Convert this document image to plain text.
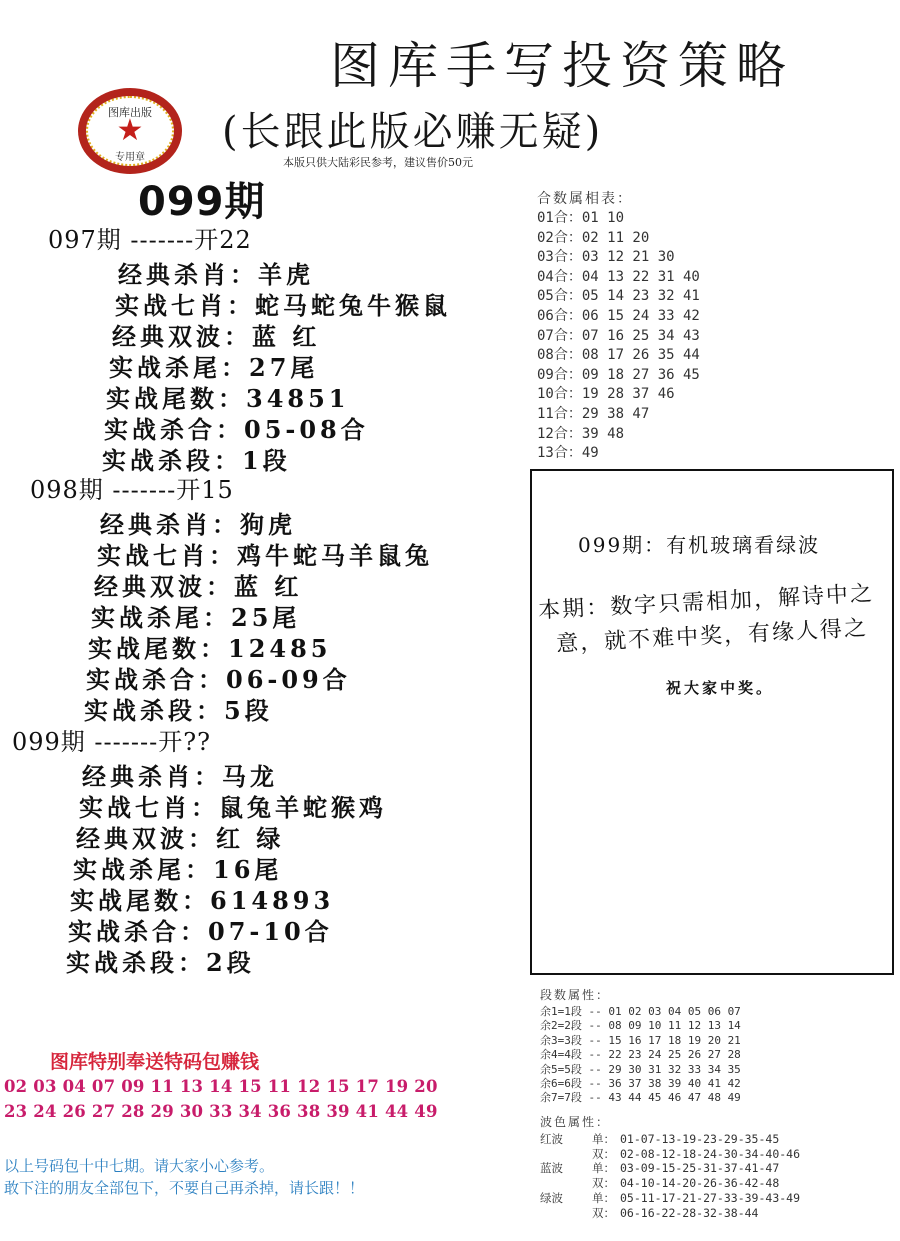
图库手写投资策略
(长跟此版必赚无疑)
本版只供大陆彩民参考，建议售价50元
图库出版
★
专用章
099期
097期 -------开22
经典杀肖：羊虎
实战七肖：蛇马蛇兔牛猴鼠
经典双波：蓝 红
实战杀尾：27尾
实战尾数：34851
实战杀合：05-08合
实战杀段：1段
098期 -------开15
经典杀肖：狗虎
实战七肖：鸡牛蛇马羊鼠兔
经典双波：蓝 红
实战杀尾：25尾
实战尾数：12485
实战杀合：06-09合
实战杀段：5段
099期 -------开??
经典杀肖：马龙
实战七肖：鼠兔羊蛇猴鸡
经典双波：红 绿
实战杀尾：16尾
实战尾数：614893
实战杀合：07-10合
实战杀段：2段
合数属相表：
01合：01 10
02合：02 11 20
03合：03 12 21 30
04合：04 13 22 31 40
05合：05 14 23 32 41
06合：06 15 24 33 42
07合：07 16 25 34 43
08合：08 17 26 35 44
09合：09 18 27 36 45
10合：19 28 37 46
11合：29 38 47
12合：39 48
13合：49
099期：有机玻璃看绿波
本期：数字只需相加，解诗中之
意，就不难中奖，有缘人得之
祝大家中奖。
段数属性：
余1=1段 -- 01 02 03 04 05 06 07
余2=2段 -- 08 09 10 11 12 13 14
余3=3段 -- 15 16 17 18 19 20 21
余4=4段 -- 22 23 24 25 26 27 28
余5=5段 -- 29 30 31 32 33 34 35
余6=6段 -- 36 37 38 39 40 41 42
余7=7段 -- 43 44 45 46 47 48 49
波色属性：
红波	单： 01-07-13-19-23-29-35-45
双： 02-08-12-18-24-30-34-40-46
蓝波	单： 03-09-15-25-31-37-41-47
双： 04-10-14-20-26-36-42-48
绿波	单： 05-11-17-21-27-33-39-43-49
双： 06-16-22-28-32-38-44
图库特别奉送特码包赚钱
02 03 04 07 09 11 13 14 15 11 12 15 17 19 20
23 24 26 27 28 29 30 33 34 36 38 39 41 44 49
以上号码包十中七期。请大家小心参考。
敢下注的朋友全部包下，不要自己再杀掉，请长跟！！
